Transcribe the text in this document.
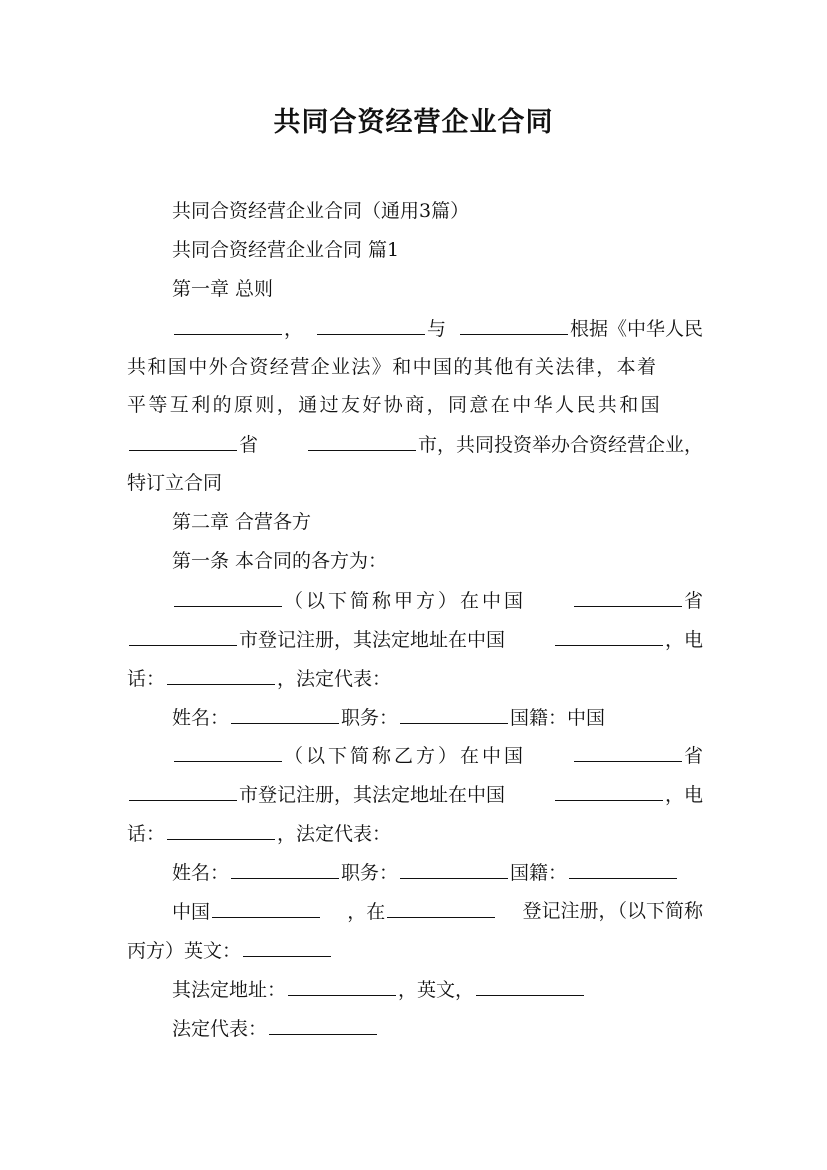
共同合资经营企业合同

共同合资经营企业合同（通用3篇）

共同合资经营企业合同 篇1

第一章 总则

，	与	根据《中华人民

共和国中外合资经营企业法》和中国的其他有关法律，本着

平等互利的原则，通过友好协商，同意在中华人民共和国

省	市，共同投资举办合资经营企业，

特订立合同

第二章 合营各方

第一条 本合同的各方为：

（以下简称甲方）在中国	省

市登记注册，其法定地址在中国	，电

话：	，法定代表：

姓名：	职务：	国籍：中国

（以下简称乙方）在中国	省

市登记注册，其法定地址在中国	，电

话：	，法定代表：

姓名：	职务：	国籍：

中国	，在	登记注册，（以下简称

丙方）英文：

其法定地址：	，英文，

法定代表：
